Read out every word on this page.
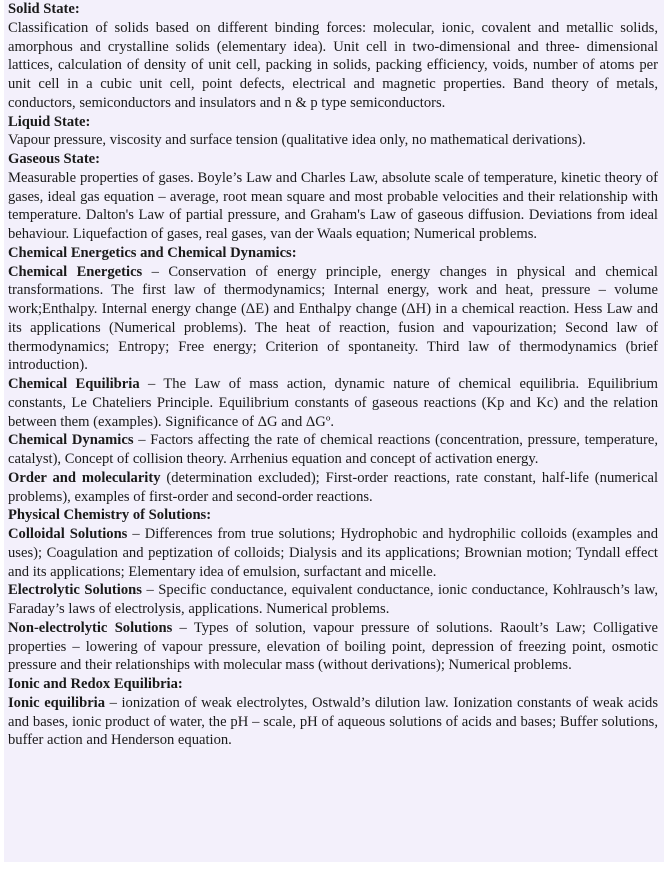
Solid State:

Classification of solids based on different binding forces: molecular, ionic, covalent and metallic solids, amorphous and crystalline solids (elementary idea). Unit cell in two-dimensional and three- dimensional lattices, calculation of density of unit cell, packing in solids, packing efficiency, voids, number of atoms per unit cell in a cubic unit cell, point defects, electrical and magnetic properties. Band theory of metals, conductors, semiconductors and insulators and n & p type semiconductors.

Liquid State:

Vapour pressure, viscosity and surface tension (qualitative idea only, no mathematical derivations).

Gaseous State:

Measurable properties of gases. Boyle’s Law and Charles Law, absolute scale of temperature, kinetic theory of gases, ideal gas equation – average, root mean square and most probable velocities and their relationship with temperature. Dalton's Law of partial pressure, and Graham's Law of gaseous diffusion. Deviations from ideal behaviour. Liquefaction of gases, real gases, van der Waals equation; Numerical problems.

Chemical Energetics and Chemical Dynamics:

Chemical Energetics – Conservation of energy principle, energy changes in physical and chemical transformations. The first law of thermodynamics; Internal energy, work and heat, pressure – volume work;Enthalpy. Internal energy change (ΔE) and Enthalpy change (ΔH) in a chemical reaction. Hess Law and its applications (Numerical problems). The heat of reaction, fusion and vapourization; Second law of thermodynamics; Entropy; Free energy; Criterion of spontaneity. Third law of thermodynamics (brief introduction).

Chemical Equilibria – The Law of mass action, dynamic nature of chemical equilibria. Equilibrium constants, Le Chateliers Principle. Equilibrium constants of gaseous reactions (Kp and Kc) and the relation between them (examples). Significance of ΔG and ΔGº.

Chemical Dynamics – Factors affecting the rate of chemical reactions (concentration, pressure, temperature, catalyst), Concept of collision theory. Arrhenius equation and concept of activation energy.

Order and molecularity (determination excluded); First-order reactions, rate constant, half-life (numerical problems), examples of first-order and second-order reactions.

Physical Chemistry of Solutions:

Colloidal Solutions – Differences from true solutions; Hydrophobic and hydrophilic colloids (examples and uses); Coagulation and peptization of colloids; Dialysis and its applications; Brownian motion; Tyndall effect and its applications; Elementary idea of emulsion, surfactant and micelle.

Electrolytic Solutions – Specific conductance, equivalent conductance, ionic conductance, Kohlrausch’s law, Faraday’s laws of electrolysis, applications. Numerical problems.

Non-electrolytic Solutions – Types of solution, vapour pressure of solutions. Raoult’s Law; Colligative properties – lowering of vapour pressure, elevation of boiling point, depression of freezing point, osmotic pressure and their relationships with molecular mass (without derivations); Numerical problems.

Ionic and Redox Equilibria:

Ionic equilibria – ionization of weak electrolytes, Ostwald’s dilution law. Ionization constants of weak acids and bases, ionic product of water, the pH – scale, pH of aqueous solutions of acids and bases; Buffer solutions, buffer action and Henderson equation.
